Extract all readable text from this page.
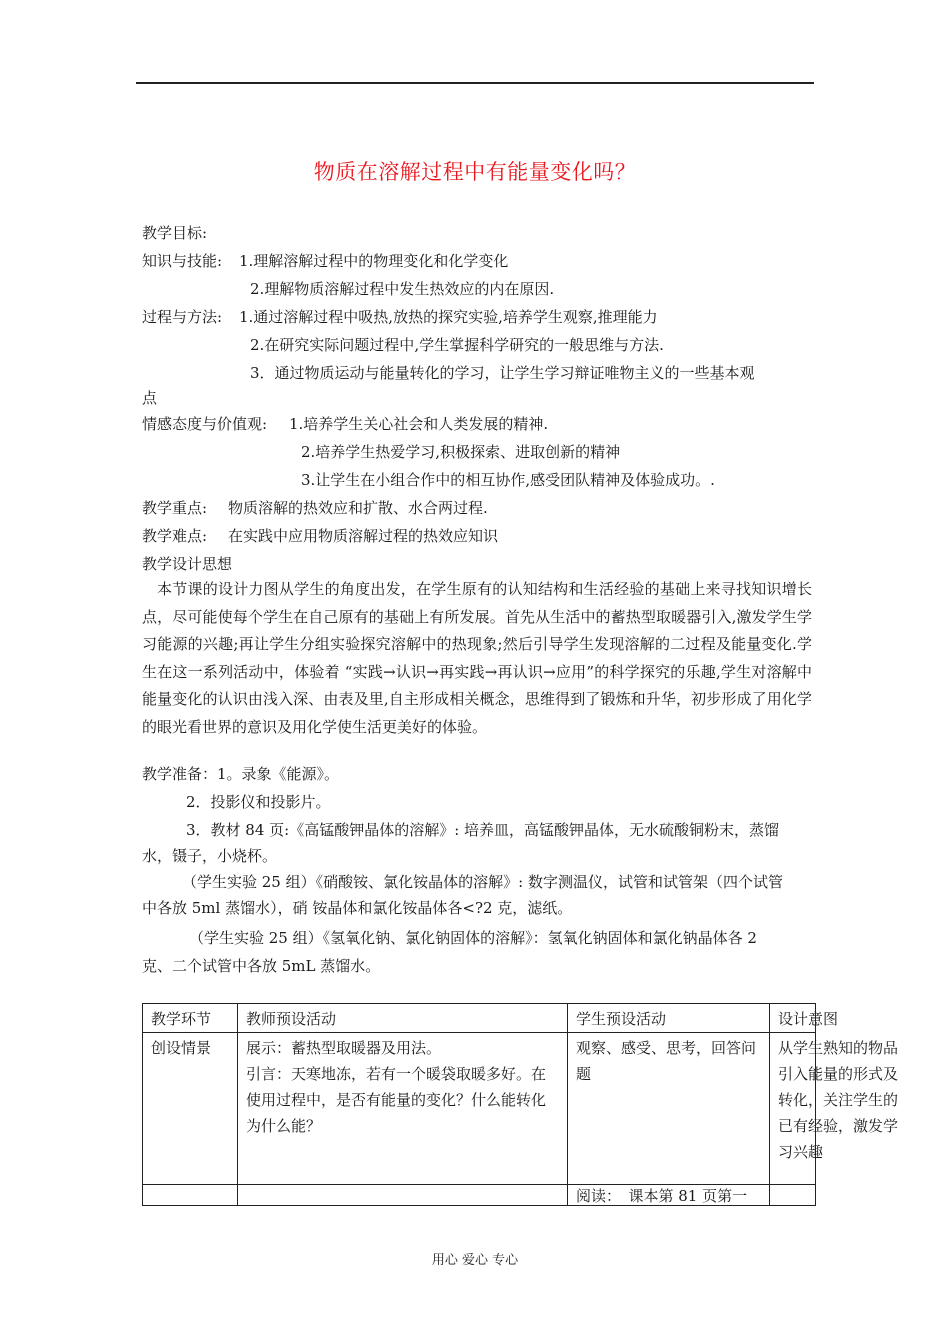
物质在溶解过程中有能量变化吗？
教学目标:
知识与技能: 1.理解溶解过程中的物理变化和化学变化
2.理解物质溶解过程中发生热效应的内在原因.
过程与方法: 1.通过溶解过程中吸热,放热的探究实验,培养学生观察,推理能力
2.在研究实际问题过程中,学生掌握科学研究的一般思维与方法.
3．通过物质运动与能量转化的学习，让学生学习辩证唯物主义的一些基本观
点
情感态度与价值观: 1.培养学生关心社会和人类发展的精神.
2.培养学生热爱学习,积极探索、进取创新的精神
3.让学生在小组合作中的相互协作,感受团队精神及体验成功。.
教学重点: 物质溶解的热效应和扩散、水合两过程.
教学难点: 在实践中应用物质溶解过程的热效应知识
教学设计思想
本节课的设计力图从学生的角度出发，在学生原有的认知结构和生活经验的基础上来寻找知识增长点，尽可能使每个学生在自己原有的基础上有所发展。首先从生活中的蓄热型取暖器引入,激发学生学习能源的兴趣;再让学生分组实验探究溶解中的热现象;然后引导学生发现溶解的二过程及能量变化.学生在这一系列活动中，体验着 “实践→认识→再实践→再认识→应用”的科学探究的乐趣,学生对溶解中能量变化的认识由浅入深、由表及里,自主形成相关概念，思维得到了锻炼和升华，初步形成了用化学的眼光看世界的意识及用化学使生活更美好的体验。
教学准备：1。录象《能源》。
2．投影仪和投影片。
3．教材 84 页:《高锰酸钾晶体的溶解》: 培养皿，高锰酸钾晶体，无水硫酸铜粉末，蒸馏
水，镊子，小烧杯。
（学生实验 25 组）《硝酸铵、氯化铵晶体的溶解》: 数字测温仪，试管和试管架（四个试管
中各放 5ml 蒸馏水），硝 铵晶体和氯化铵晶体各<?2 克，滤纸。
（学生实验 25 组）《氢氧化钠、氯化钠固体的溶解》：氢氧化钠固体和氯化钠晶体各 2
克、二个试管中各放 5mL 蒸馏水。
教学环节	教师预设活动	学生预设活动	设计意图

创设情景	展示：蓄热型取暖器及用法。
引言：天寒地冻，若有一个暖袋取暖多好。在使用过程中，是否有能量的变化？什么能转化为什么能？	观察、感受、思考，回答问题	从学生熟知的物品引入能量的形式及转化，关注学生的已有经验，激发学习兴趣

		阅读：　课本第 81 页第一	
用心 爱心 专心
